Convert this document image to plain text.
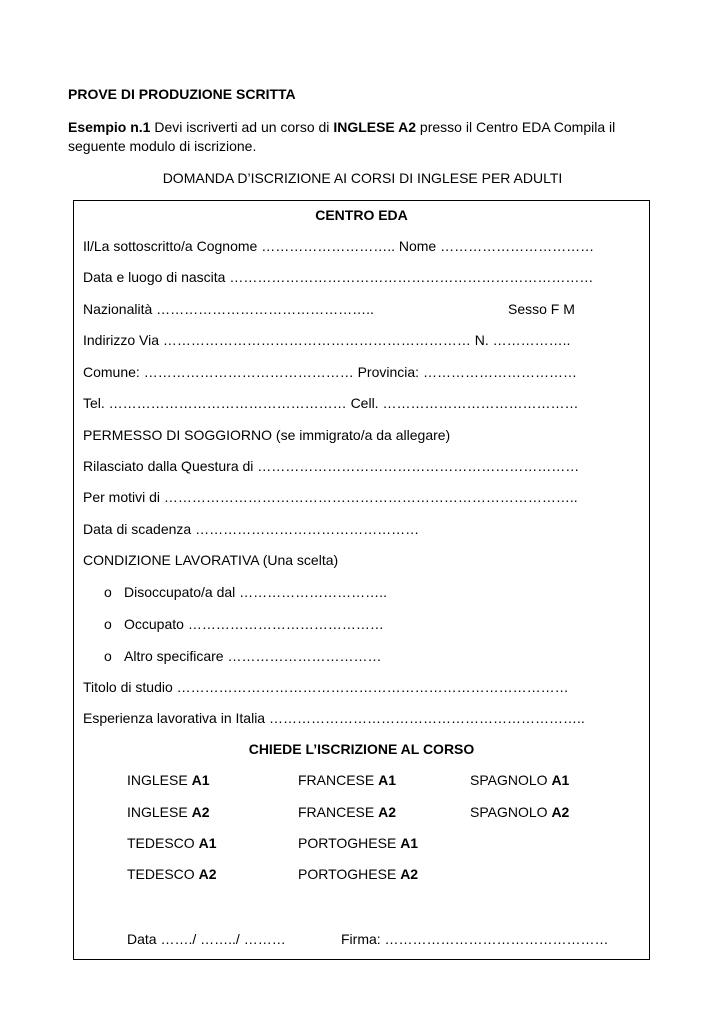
PROVE DI PRODUZIONE SCRITTA
Esempio n.1 Devi iscriverti ad un corso di INGLESE A2 presso il Centro EDA Compila il
seguente modulo di iscrizione.
DOMANDA D’ISCRIZIONE AI CORSI DI INGLESE PER ADULTI
CENTRO EDA
Il/La sottoscritto/a Cognome ……………………….. Nome ……………………………
Data e luogo di nascita ……………………………………………………………………
Nazionalità ………………………………………..	Sesso F M
Indirizzo Via ………………………………………………………… N. ……………..
Comune: ……………………………………… Provincia: ……………………………
Tel. …………………………………………… Cell. ……………………………………
PERMESSO DI SOGGIORNO (se immigrato/a da allegare)
Rilasciato dalla Questura di ……………………………………………………………
Per motivi di ……………………………………………………………………………..
Data di scadenza …………………………………………
CONDIZIONE LAVORATIVA (Una scelta)
o Disoccupato/a dal …………………………..
o Occupato ……………………………………
o Altro specificare ……………………………
Titolo di studio …………………………………………………………………………
Esperienza lavorativa in Italia …………………………………………………………..
CHIEDE L’ISCRIZIONE AL CORSO
INGLESE A1	FRANCESE A1	SPAGNOLO A1
INGLESE A2	FRANCESE A2	SPAGNOLO A2
TEDESCO A1	PORTOGHESE A1
TEDESCO A2	PORTOGHESE A2
Data ……./ ……../ ………	Firma: …………………………………………
